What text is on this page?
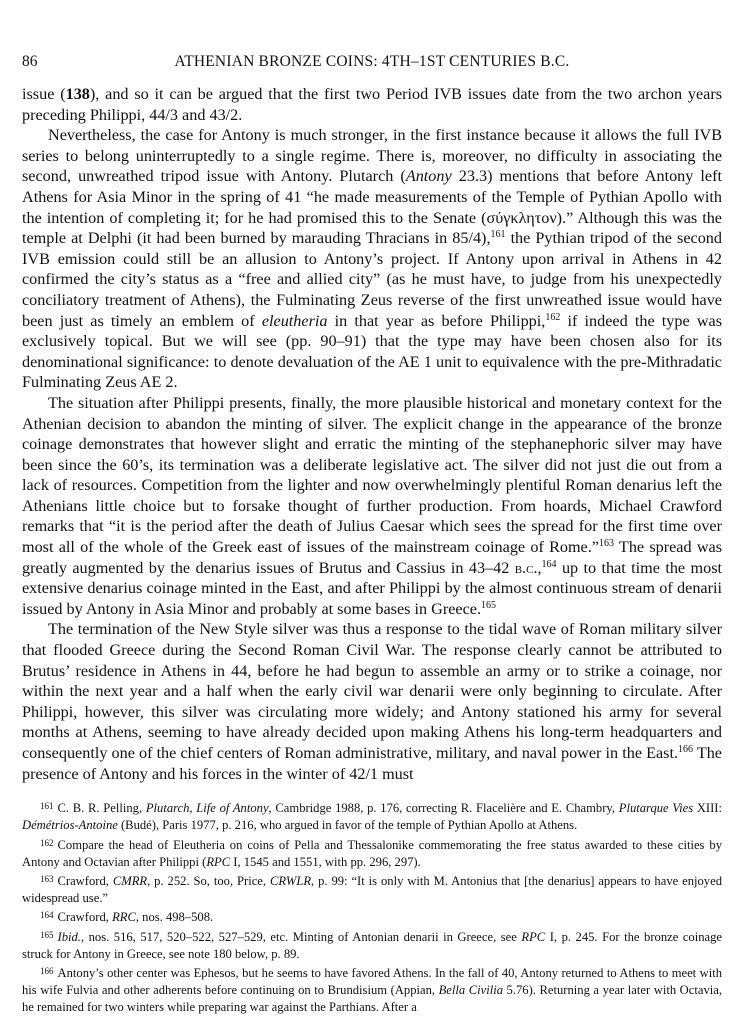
86	ATHENIAN BRONZE COINS: 4TH–1ST CENTURIES B.C.

issue (138), and so it can be argued that the first two Period IVB issues date from the two archon years preceding Philippi, 44/3 and 43/2.

Nevertheless, the case for Antony is much stronger, in the first instance because it allows the full IVB series to belong uninterruptedly to a single regime. There is, moreover, no difficulty in associating the second, unwreathed tripod issue with Antony. Plutarch (Antony 23.3) mentions that before Antony left Athens for Asia Minor in the spring of 41 “he made measurements of the Temple of Pythian Apollo with the intention of completing it; for he had promised this to the Senate (σύγκλητον).” Although this was the temple at Delphi (it had been burned by marauding Thracians in 85/4),$^{161}$ the Pythian tripod of the second IVB emission could still be an allusion to Antony’s project. If Antony upon arrival in Athens in 42 confirmed the city’s status as a “free and allied city” (as he must have, to judge from his unexpectedly conciliatory treatment of Athens), the Fulminating Zeus reverse of the first unwreathed issue would have been just as timely an emblem of eleutheria in that year as before Philippi,$^{162}$ if indeed the type was exclusively topical. But we will see (pp. 90–91) that the type may have been chosen also for its denominational significance: to denote devaluation of the AE 1 unit to equivalence with the pre-Mithradatic Fulminating Zeus AE 2.

The situation after Philippi presents, finally, the more plausible historical and monetary context for the Athenian decision to abandon the minting of silver. The explicit change in the appearance of the bronze coinage demonstrates that however slight and erratic the minting of the stephanephoric silver may have been since the 60’s, its termination was a deliberate legislative act. The silver did not just die out from a lack of resources. Competition from the lighter and now overwhelmingly plentiful Roman denarius left the Athenians little choice but to forsake thought of further production. From hoards, Michael Crawford remarks that “it is the period after the death of Julius Caesar which sees the spread for the first time over most all of the whole of the Greek east of issues of the mainstream coinage of Rome.”$^{163}$ The spread was greatly augmented by the denarius issues of Brutus and Cassius in 43–42 b.c.,$^{164}$ up to that time the most extensive denarius coinage minted in the East, and after Philippi by the almost continuous stream of denarii issued by Antony in Asia Minor and probably at some bases in Greece.$^{165}$

The termination of the New Style silver was thus a response to the tidal wave of Roman military silver that flooded Greece during the Second Roman Civil War. The response clearly cannot be attributed to Brutus’ residence in Athens in 44, before he had begun to assemble an army or to strike a coinage, nor within the next year and a half when the early civil war denarii were only beginning to circulate. After Philippi, however, this silver was circulating more widely; and Antony stationed his army for several months at Athens, seeming to have already decided upon making Athens his long-term headquarters and consequently one of the chief centers of Roman administrative, military, and naval power in the East.$^{166}$ The presence of Antony and his forces in the winter of 42/1 must

$^{161}$ C. B. R. Pelling, Plutarch, Life of Antony, Cambridge 1988, p. 176, correcting R. Flacelière and E. Chambry, Plutarque Vies XIII: Démétrios-Antoine (Budé), Paris 1977, p. 216, who argued in favor of the temple of Pythian Apollo at Athens.

$^{162}$ Compare the head of Eleutheria on coins of Pella and Thessalonike commemorating the free status awarded to these cities by Antony and Octavian after Philippi (RPC I, 1545 and 1551, with pp. 296, 297).

$^{163}$ Crawford, CMRR, p. 252. So, too, Price, CRWLR, p. 99: “It is only with M. Antonius that [the denarius] appears to have enjoyed widespread use.”

$^{164}$ Crawford, RRC, nos. 498–508.

$^{165}$ Ibid., nos. 516, 517, 520–522, 527–529, etc. Minting of Antonian denarii in Greece, see RPC I, p. 245. For the bronze coinage struck for Antony in Greece, see note 180 below, p. 89.

$^{166}$ Antony’s other center was Ephesos, but he seems to have favored Athens. In the fall of 40, Antony returned to Athens to meet with his wife Fulvia and other adherents before continuing on to Brundisium (Appian, Bella Civilia 5.76). Returning a year later with Octavia, he remained for two winters while preparing war against the Parthians. After a
